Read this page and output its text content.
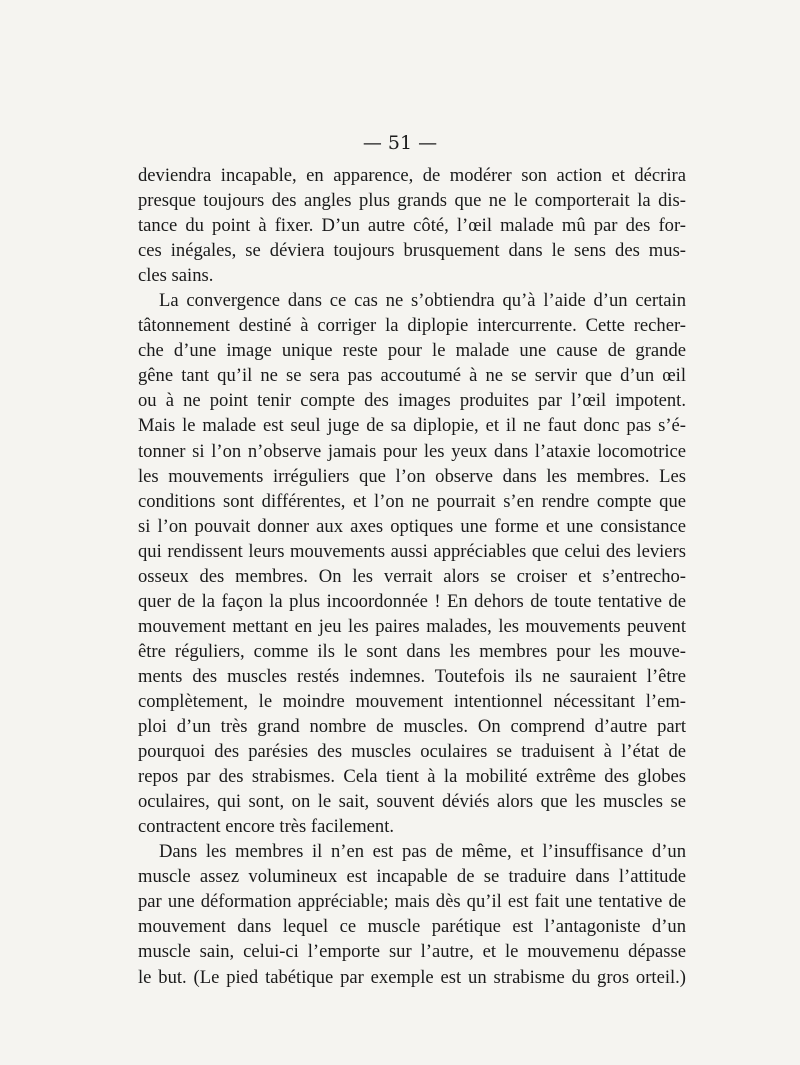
— 51 —

deviendra incapable, en apparence, de modérer son action et décrira
presque toujours des angles plus grands que ne le comporterait la dis-
tance du point à fixer. D’un autre côté, l’œil malade mû par des for-
ces inégales, se déviera toujours brusquement dans le sens des mus-
cles sains.
La convergence dans ce cas ne s’obtiendra qu’à l’aide d’un certain
tâtonnement destiné à corriger la diplopie intercurrente. Cette recher-
che d’une image unique reste pour le malade une cause de grande
gêne tant qu’il ne se sera pas accoutumé à ne se servir que d’un œil
ou à ne point tenir compte des images produites par l’œil impotent.
Mais le malade est seul juge de sa diplopie, et il ne faut donc pas s’é-
tonner si l’on n’observe jamais pour les yeux dans l’ataxie locomotrice
les mouvements irréguliers que l’on observe dans les membres. Les
conditions sont différentes, et l’on ne pourrait s’en rendre compte que
si l’on pouvait donner aux axes optiques une forme et une consistance
qui rendissent leurs mouvements aussi appréciables que celui des leviers
osseux des membres. On les verrait alors se croiser et s’entrecho-
quer de la façon la plus incoordonnée ! En dehors de toute tentative de
mouvement mettant en jeu les paires malades, les mouvements peuvent
être réguliers, comme ils le sont dans les membres pour les mouve-
ments des muscles restés indemnes. Toutefois ils ne sauraient l’être
complètement, le moindre mouvement intentionnel nécessitant l’em-
ploi d’un très grand nombre de muscles. On comprend d’autre part
pourquoi des parésies des muscles oculaires se traduisent à l’état de
repos par des strabismes. Cela tient à la mobilité extrême des globes
oculaires, qui sont, on le sait, souvent déviés alors que les muscles se
contractent encore très facilement.
Dans les membres il n’en est pas de même, et l’insuffisance d’un
muscle assez volumineux est incapable de se traduire dans l’attitude
par une déformation appréciable; mais dès qu’il est fait une tentative de
mouvement dans lequel ce muscle parétique est l’antagoniste d’un
muscle sain, celui-ci l’emporte sur l’autre, et le mouvemenu dépasse
le but. (Le pied tabétique par exemple est un strabisme du gros orteil.)
